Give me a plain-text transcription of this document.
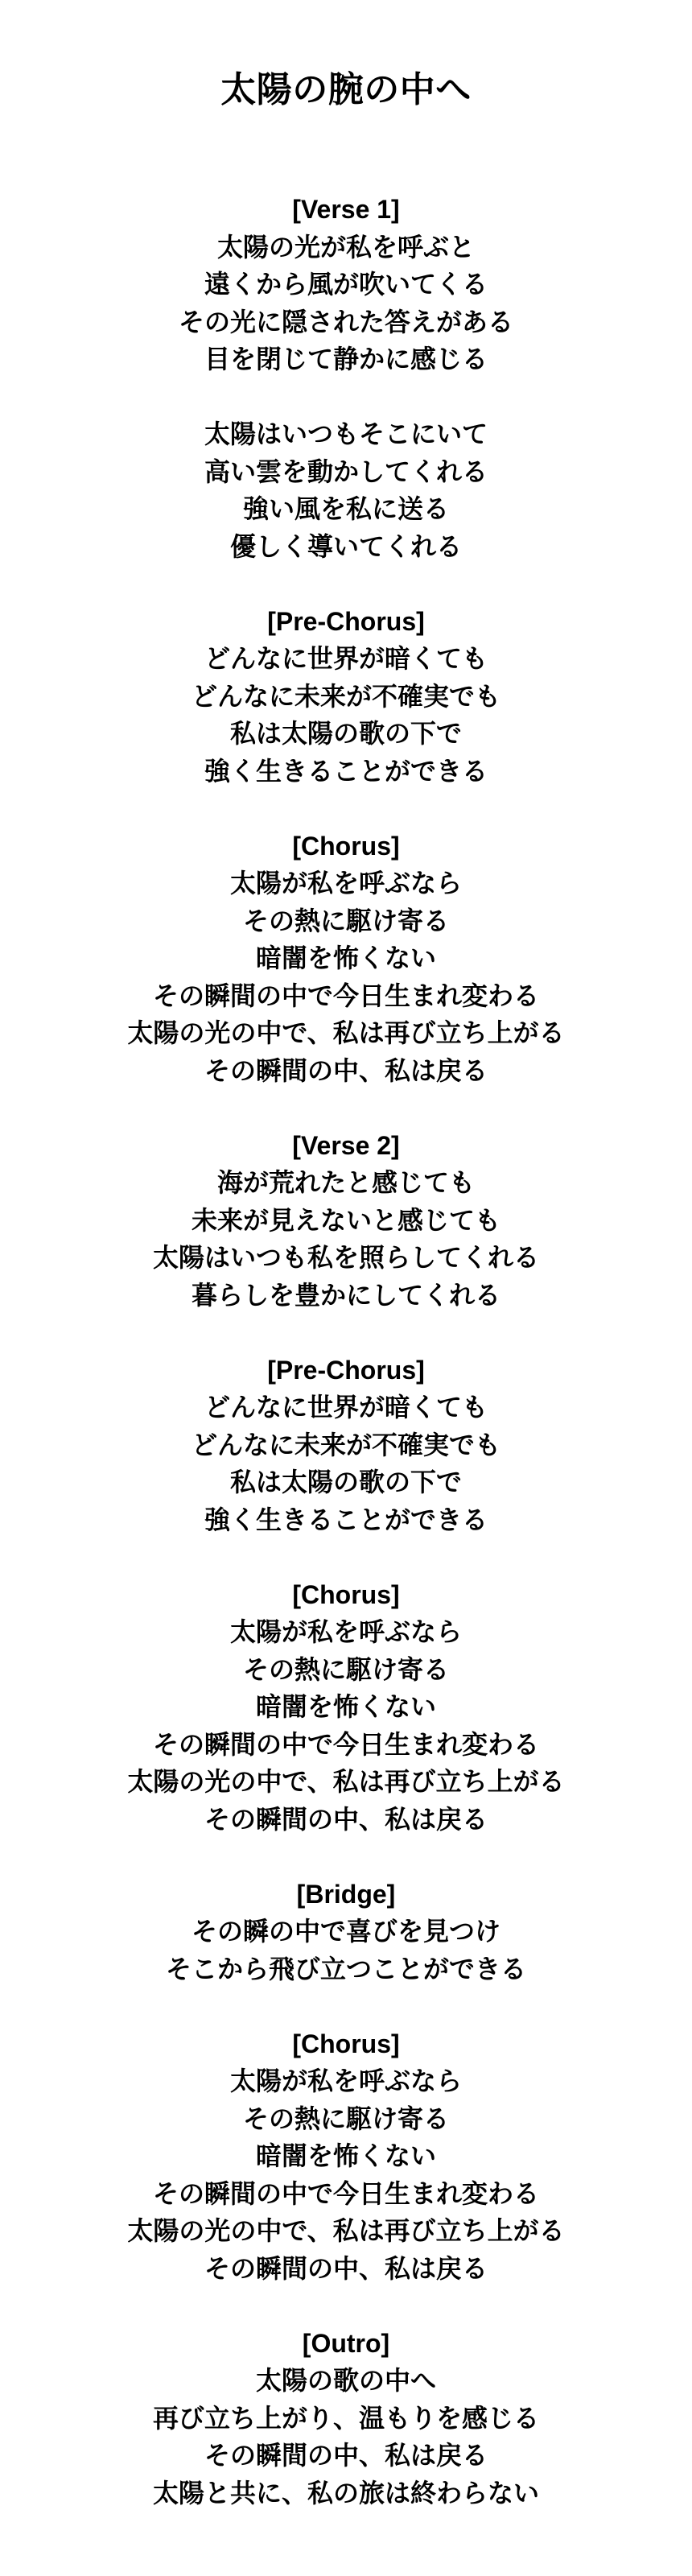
太陽の腕の中へ
[Verse 1]
太陽の光が私を呼ぶと
遠くから風が吹いてくる
その光に隠された答えがある
目を閉じて静かに感じる
太陽はいつもそこにいて
高い雲を動かしてくれる
強い風を私に送る
優しく導いてくれる
[Pre-Chorus]
どんなに世界が暗くても
どんなに未来が不確実でも
私は太陽の歌の下で
強く生きることができる
[Chorus]
太陽が私を呼ぶなら
その熱に駆け寄る
暗闇を怖くない
その瞬間の中で今日生まれ変わる
太陽の光の中で、私は再び立ち上がる
その瞬間の中、私は戻る
[Verse 2]
海が荒れたと感じても
未来が見えないと感じても
太陽はいつも私を照らしてくれる
暮らしを豊かにしてくれる
[Pre-Chorus]
どんなに世界が暗くても
どんなに未来が不確実でも
私は太陽の歌の下で
強く生きることができる
[Chorus]
太陽が私を呼ぶなら
その熱に駆け寄る
暗闇を怖くない
その瞬間の中で今日生まれ変わる
太陽の光の中で、私は再び立ち上がる
その瞬間の中、私は戻る
[Bridge]
その瞬の中で喜びを見つけ
そこから飛び立つことができる
[Chorus]
太陽が私を呼ぶなら
その熱に駆け寄る
暗闇を怖くない
その瞬間の中で今日生まれ変わる
太陽の光の中で、私は再び立ち上がる
その瞬間の中、私は戻る
[Outro]
太陽の歌の中へ
再び立ち上がり、温もりを感じる
その瞬間の中、私は戻る
太陽と共に、私の旅は終わらない
